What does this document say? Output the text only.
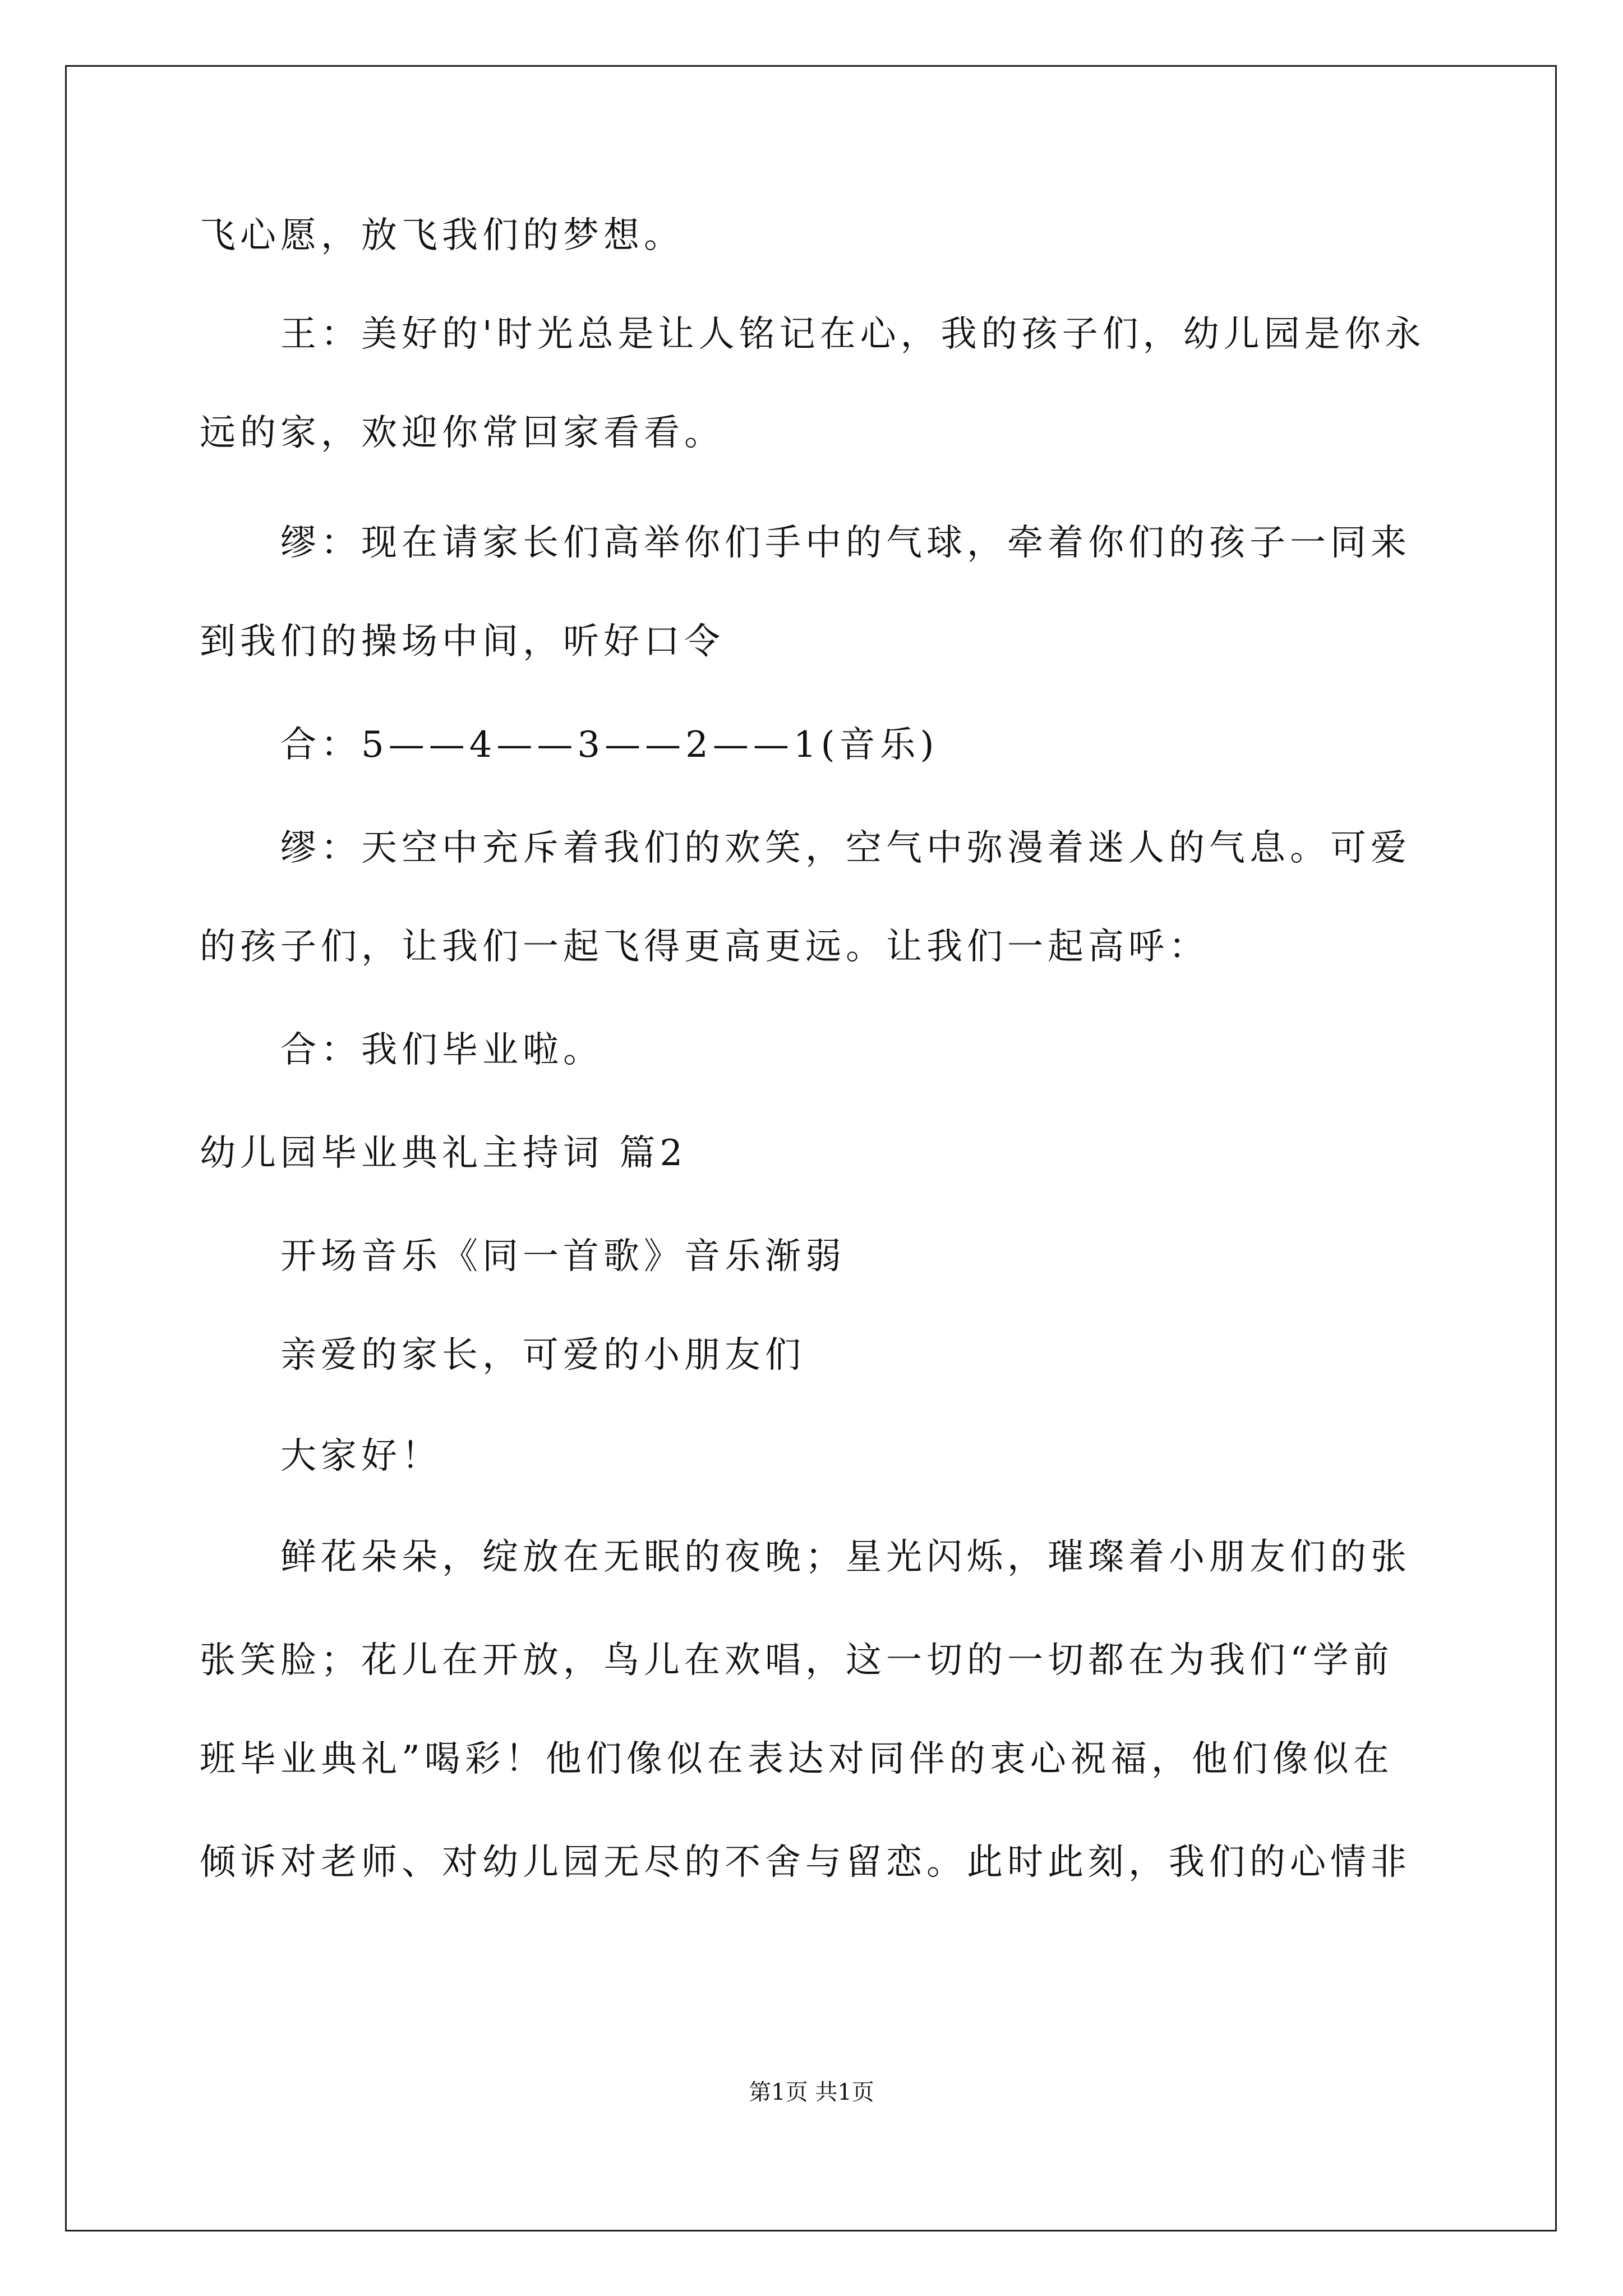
飞心愿，放飞我们的梦想。
王：美好的'时光总是让人铭记在心，我的孩子们，幼儿园是你永
远的家，欢迎你常回家看看。
缪：现在请家长们高举你们手中的气球，牵着你们的孩子一同来
到我们的操场中间，听好口令
合：5——4——3——2——1(音乐)
缪：天空中充斥着我们的欢笑，空气中弥漫着迷人的气息。可爱
的孩子们，让我们一起飞得更高更远。让我们一起高呼：
合：我们毕业啦。
幼儿园毕业典礼主持词 篇2
开场音乐《同一首歌》音乐渐弱
亲爱的家长，可爱的小朋友们
大家好！
鲜花朵朵，绽放在无眠的夜晚；星光闪烁，璀璨着小朋友们的张
张笑脸；花儿在开放，鸟儿在欢唱，这一切的一切都在为我们“学前
班毕业典礼”喝彩！他们像似在表达对同伴的衷心祝福，他们像似在
倾诉对老师、对幼儿园无尽的不舍与留恋。此时此刻，我们的心情非
第1页 共1页
